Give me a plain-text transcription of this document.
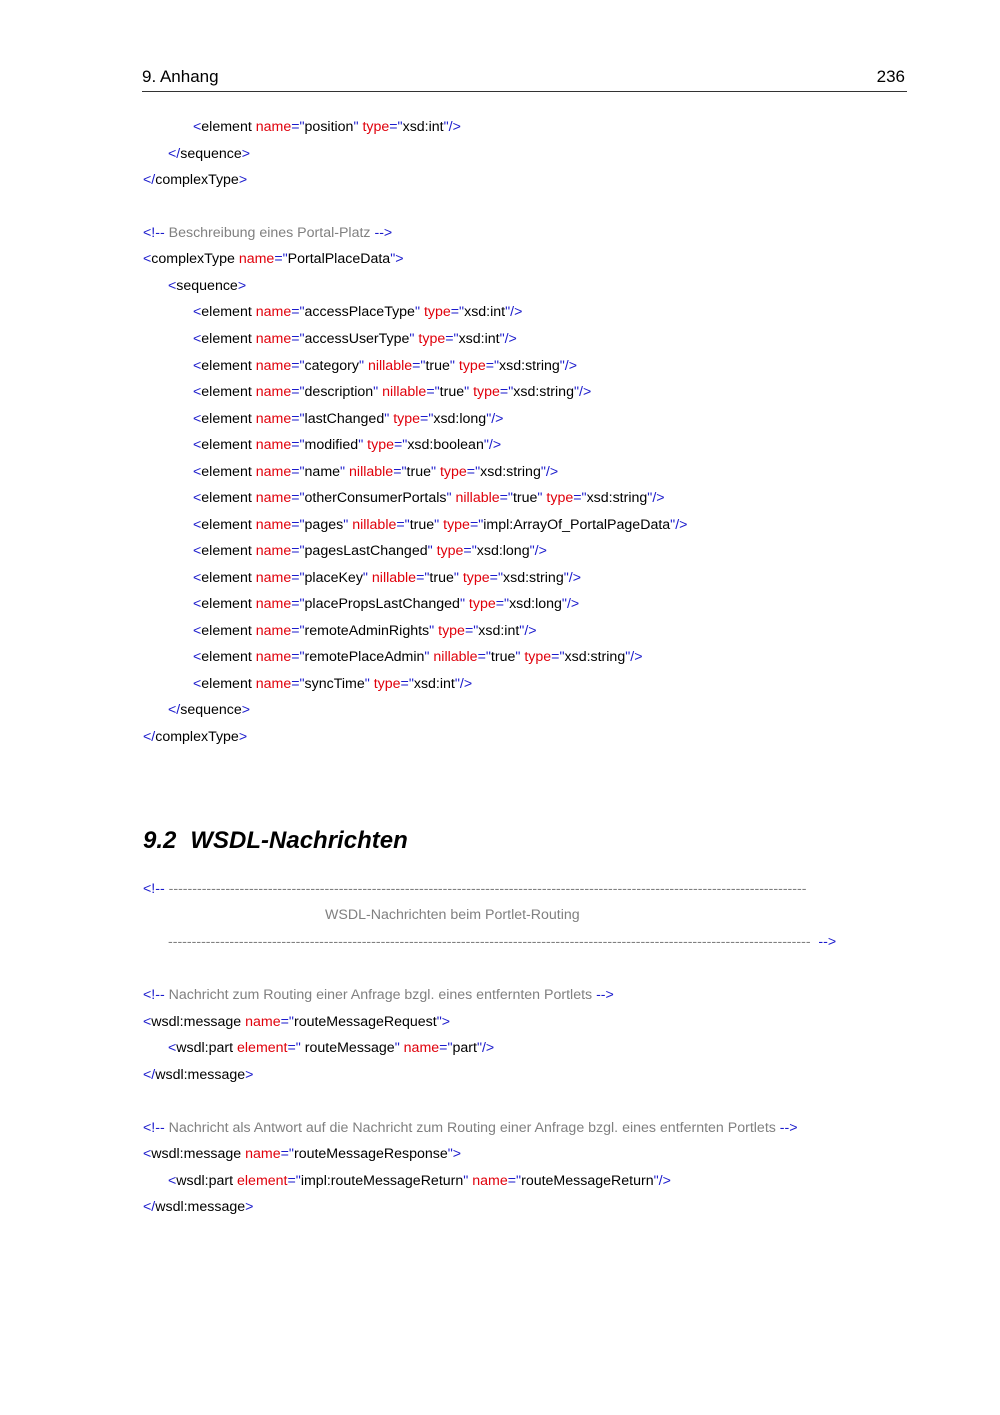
9. Anhang	236
<element name="position" type="xsd:int"/>
</sequence>
</complexType>
<!-- Beschreibung eines Portal-Platz -->
<complexType name="PortalPlaceData">
<sequence>
<element name="accessPlaceType" type="xsd:int"/>
<element name="accessUserType" type="xsd:int"/>
<element name="category" nillable="true" type="xsd:string"/>
<element name="description" nillable="true" type="xsd:string"/>
<element name="lastChanged" type="xsd:long"/>
<element name="modified" type="xsd:boolean"/>
<element name="name" nillable="true" type="xsd:string"/>
<element name="otherConsumerPortals" nillable="true" type="xsd:string"/>
<element name="pages" nillable="true" type="impl:ArrayOf_PortalPageData"/>
<element name="pagesLastChanged" type="xsd:long"/>
<element name="placeKey" nillable="true" type="xsd:string"/>
<element name="placePropsLastChanged" type="xsd:long"/>
<element name="remoteAdminRights" type="xsd:int"/>
<element name="remotePlaceAdmin" nillable="true" type="xsd:string"/>
<element name="syncTime" type="xsd:int"/>
</sequence>
</complexType>
<!-- ---------------------------------------------------------------------------------------------------------------------------------------
WSDL-Nachrichten beim Portlet-Routing
----------------------------------------------------------------------------------------------------------------------------------------  -->
<!-- Nachricht zum Routing einer Anfrage bzgl. eines entfernten Portlets -->
<wsdl:message name="routeMessageRequest">
<wsdl:part element=" routeMessage" name="part"/>
</wsdl:message>
<!-- Nachricht als Antwort auf die Nachricht zum Routing einer Anfrage bzgl. eines entfernten Portlets -->
<wsdl:message name="routeMessageResponse">
<wsdl:part element="impl:routeMessageReturn" name="routeMessageReturn"/>
</wsdl:message>
9.2 WSDL-Nachrichten
